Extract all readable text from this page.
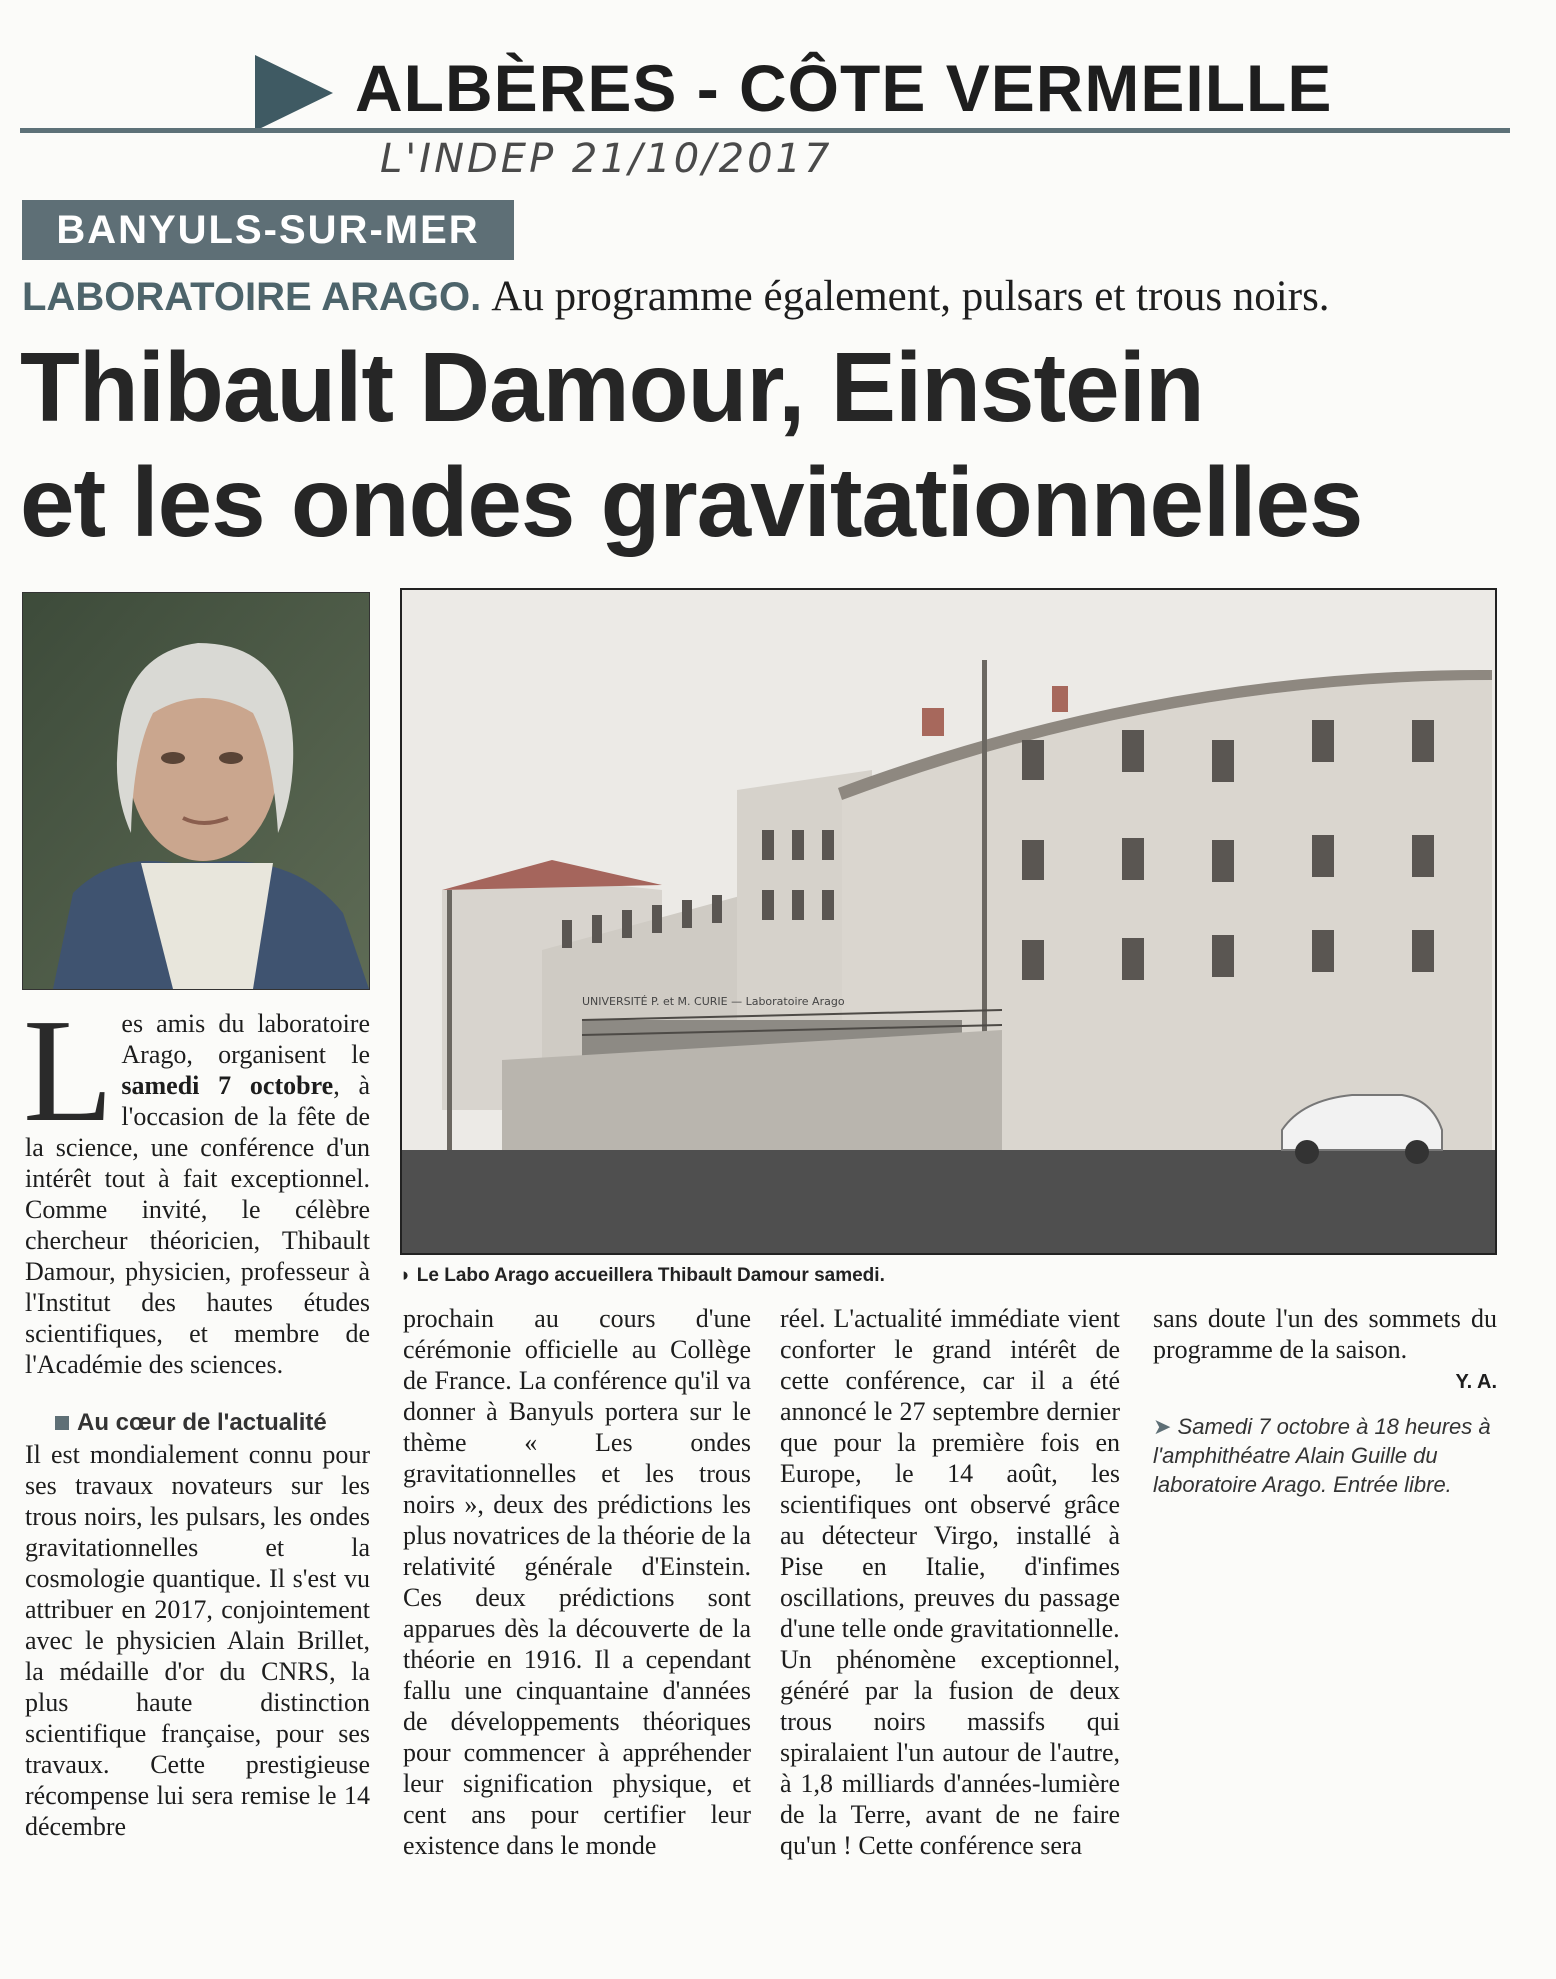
ALBÈRES - CÔTE VERMEILLE
L'INDEP 21/10/2017
BANYULS-SUR-MER
LABORATOIRE ARAGO. Au programme également, pulsars et trous noirs.
Thibault Damour, Einstein
et les ondes gravitationnelles
UNIVERSITÉ P. et M. CURIE — Laboratoire Arago
◗ Le Labo Arago accueillera Thibault Damour samedi.

Les amis du laboratoire Arago, organisent le samedi 7 octobre, à l'occasion de la fête de la science, une conférence d'un intérêt tout à fait exceptionnel. Comme invité, le célèbre chercheur théoricien, Thibault Damour, physicien, professeur à l'Institut des hautes études scientifiques, et membre de l'Académie des sciences.

Au cœur de l'actualité

Il est mondialement connu pour ses travaux novateurs sur les trous noirs, les pulsars, les ondes gravitationnelles et la cosmologie quantique. Il s'est vu attribuer en 2017, conjointement avec le physicien Alain Brillet, la médaille d'or du CNRS, la plus haute distinction scientifique française, pour ses travaux. Cette prestigieuse récompense lui sera remise le 14 décembre

prochain au cours d'une cérémonie officielle au Collège de France. La conférence qu'il va donner à Banyuls portera sur le thème « Les ondes gravitationnelles et les trous noirs », deux des prédictions les plus novatrices de la théorie de la relativité générale d'Einstein. Ces deux prédictions sont apparues dès la découverte de la théorie en 1916. Il a cependant fallu une cinquantaine d'années de développements théoriques pour commencer à appréhender leur signification physique, et cent ans pour certifier leur existence dans le monde

réel. L'actualité immédiate vient conforter le grand intérêt de cette conférence, car il a été annoncé le 27 septembre dernier que pour la première fois en Europe, le 14 août, les scientifiques ont observé grâce au détecteur Virgo, installé à Pise en Italie, d'infimes oscillations, preuves du passage d'une telle onde gravitationnelle.

Un phénomène exceptionnel, généré par la fusion de deux trous noirs massifs qui spiralaient l'un autour de l'autre, à 1,8 milliards d'années-lumière de la Terre, avant de ne faire qu'un ! Cette conférence sera

sans doute l'un des sommets du programme de la saison.

Y. A.
➤ Samedi 7 octobre à 18 heures à l'amphithéatre Alain Guille du laboratoire Arago. Entrée libre.
